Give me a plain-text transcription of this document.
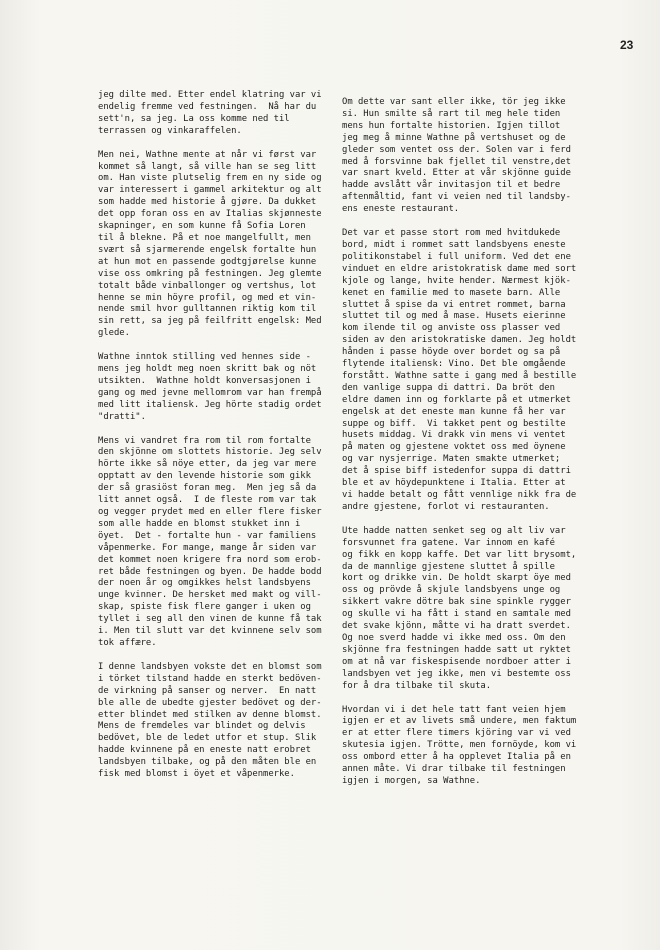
23

jeg dilte med. Etter endel klatring var vi
endelig fremme ved festningen.  Nå har du
sett'n, sa jeg. La oss komme ned til
terrassen og vinkaraffelen.

Men nei, Wathne mente at når vi først var
kommet så langt, så ville han se seg litt
om. Han viste plutselig frem en ny side og
var interessert i gammel arkitektur og alt
som hadde med historie å gjøre. Da dukket
det opp foran oss en av Italias skjønneste
skapninger, en som kunne få Sofia Loren
til å blekne. På et noe mangelfullt, men
svært så sjarmerende engelsk fortalte hun
at hun mot en passende godtgjørelse kunne
vise oss omkring på festningen. Jeg glemte
totalt både vinballonger og vertshus, lot
henne se min höyre profil, og med et vin-
nende smil hvor gulltannen riktig kom til
sin rett, sa jeg på feilfritt engelsk: Med
glede.

Wathne inntok stilling ved hennes side -
mens jeg holdt meg noen skritt bak og nöt
utsikten.  Wathne holdt konversasjonen i
gang og med jevne mellomrom var han frempå
med litt italiensk. Jeg hörte stadig ordet
"dratti".

Mens vi vandret fra rom til rom fortalte
den skjönne om slottets historie. Jeg selv
hörte ikke så nöye etter, da jeg var mere
opptatt av den levende historie som gikk
der så grasiöst foran meg.  Men jeg så da
litt annet også.  I de fleste rom var tak
og vegger prydet med en eller flere fisker
som alle hadde en blomst stukket inn i
öyet.  Det - fortalte hun - var familiens
våpenmerke. For mange, mange år siden var
det kommet noen krigere fra nord som erob-
ret både festningen og byen. De hadde bodd
der noen år og omgikkes helst landsbyens
unge kvinner. De hersket med makt og vill-
skap, spiste fisk flere ganger i uken og
tyllet i seg all den vinen de kunne få tak
i. Men til slutt var det kvinnene selv som
tok affære.

I denne landsbyen vokste det en blomst som
i törket tilstand hadde en sterkt bedöven-
de virkning på sanser og nerver.  En natt
ble alle de ubedte gjester bedövet og der-
etter blindet med stilken av denne blomst.
Mens de fremdeles var blindet og delvis
bedövet, ble de ledet utfor et stup. Slik
hadde kvinnene på en eneste natt erobret
landsbyen tilbake, og på den måten ble en
fisk med blomst i öyet et våpenmerke.

Om dette var sant eller ikke, tör jeg ikke
si. Hun smilte så rart til meg hele tiden
mens hun fortalte historien. Igjen tillot
jeg meg å minne Wathne på vertshuset og de
gleder som ventet oss der. Solen var i ferd
med å forsvinne bak fjellet til venstre,det
var snart kveld. Etter at vår skjönne guide
hadde avslått vår invitasjon til et bedre
aftenmåltid, fant vi veien ned til landsby-
ens eneste restaurant.

Det var et passe stort rom med hvitdukede
bord, midt i rommet satt landsbyens eneste
politikonstabel i full uniform. Ved det ene
vinduet en eldre aristokratisk dame med sort
kjole og lange, hvite hender. Nærmest kjök-
kenet en familie med to masete barn. Alle
sluttet å spise da vi entret rommet, barna
sluttet til og med å mase. Husets eierinne
kom ilende til og anviste oss plasser ved
siden av den aristokratiske damen. Jeg holdt
hånden i passe höyde over bordet og sa på
flytende italiensk: Vino. Det ble omgående
forstått. Wathne satte i gang med å bestille
den vanlige suppa di dattri. Da bröt den
eldre damen inn og forklarte på et utmerket
engelsk at det eneste man kunne få her var
suppe og biff.  Vi takket pent og bestilte
husets middag. Vi drakk vin mens vi ventet
på maten og gjestene voktet oss med öynene
og var nysjerrige. Maten smakte utmerket;
det å spise biff istedenfor suppa di dattri
ble et av höydepunktene i Italia. Etter at
vi hadde betalt og fått vennlige nikk fra de
andre gjestene, forlot vi restauranten.

Ute hadde natten senket seg og alt liv var
forsvunnet fra gatene. Var innom en kafé
og fikk en kopp kaffe. Det var litt brysomt,
da de mannlige gjestene sluttet å spille
kort og drikke vin. De holdt skarpt öye med
oss og prövde å skjule landsbyens unge og
sikkert vakre dötre bak sine spinkle rygger
og skulle vi ha fått i stand en samtale med
det svake kjönn, måtte vi ha dratt sverdet.
Og noe sverd hadde vi ikke med oss. Om den
skjönne fra festningen hadde satt ut ryktet
om at nå var fiskespisende nordboer atter i
landsbyen vet jeg ikke, men vi bestemte oss
for å dra tilbake til skuta.

Hvordan vi i det hele tatt fant veien hjem
igjen er et av livets små undere, men faktum
er at etter flere timers kjöring var vi ved
skutesia igjen. Trötte, men fornöyde, kom vi
oss ombord etter å ha opplevet Italia på en
annen måte. Vi drar tilbake til festningen
igjen i morgen, sa Wathne.
